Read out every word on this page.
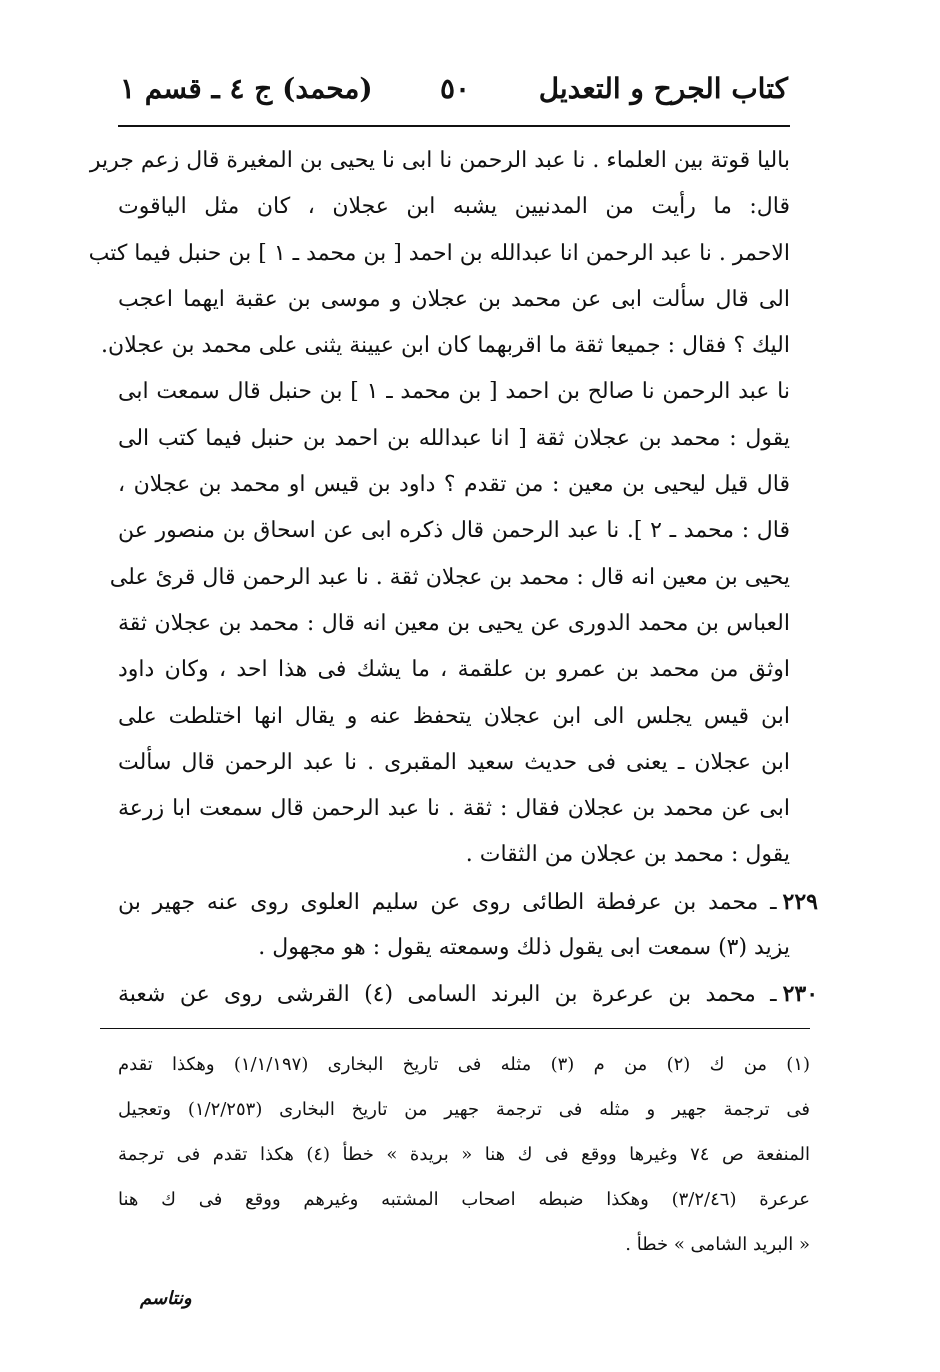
كتاب الجرح و التعديل
٥٠
(محمد) ج ٤ ـ قسم ١
باليا قوتة بين العلماء . نا عبد الرحمن نا ابى نا يحيى بن المغيرة قال زعم جرير
قال: ما رأيت من المدنيين يشبه ابن عجلان ، كان مثل الياقوت
الاحمر . نا عبد الرحمن انا عبدالله بن احمد [ بن محمد ـ ١ ] بن حنبل فيما كتب
الى قال سألت ابى عن محمد بن عجلان و موسى بن عقبة ايهما اعجب
اليك ؟ فقال : جميعا ثقة ما اقربهما كان ابن عيينة يثنى على محمد بن عجلان.
نا عبد الرحمن نا صالح بن احمد [ بن محمد ـ ١ ] بن حنبل قال سمعت ابى
يقول : محمد بن عجلان ثقة [ انا عبدالله بن احمد بن حنبل فيما كتب الى
قال قيل ليحيى بن معين : من تقدم ؟ داود بن قيس او محمد بن عجلان ،
قال : محمد ـ ٢ ]. نا عبد الرحمن قال ذكره ابى عن اسحاق بن منصور عن
يحيى بن معين انه قال : محمد بن عجلان ثقة . نا عبد الرحمن قال قرئ على
العباس بن محمد الدورى عن يحيى بن معين انه قال : محمد بن عجلان ثقة
اوثق من محمد بن عمرو بن علقمة ، ما يشك فى هذا احد ، وكان داود
ابن قيس يجلس الى ابن عجلان يتحفظ عنه و يقال انها اختلطت على
ابن عجلان ـ يعنى فى حديث سعيد المقبرى . نا عبد الرحمن قال سألت
ابى عن محمد بن عجلان فقال : ثقة . نا عبد الرحمن قال سمعت ابا زرعة
يقول : محمد بن عجلان من الثقات .
٢٢٩ـ محمد بن عرفطة الطائى روى عن سليم العلوى روى عنه جهير بن
يزيد (٣) سمعت ابى يقول ذلك وسمعته يقول : هو مجهول .
٢٣٠ـ محمد بن عرعرة بن البرند السامى (٤) القرشى روى عن شعبة
(١) من ك (٢) من م (٣) مثله فى تاريخ البخارى (١/١/١٩٧) وهكذا تقدم
فى ترجمة جهير و مثله فى ترجمة جهير من تاريخ البخارى (١/٢/٢٥٣) وتعجيل
المنفعة ص ٧٤ وغيرها ووقع فى ك هنا « بريدة » خطأ (٤) هكذا تقدم فى ترجمة
عرعرة (٣/٢/٤٦) وهكذا ضبطه اصحاب المشتبه وغيرهم ووقع فى ك هنا
« البريد الشامى » خطأ .
ونتاسم
